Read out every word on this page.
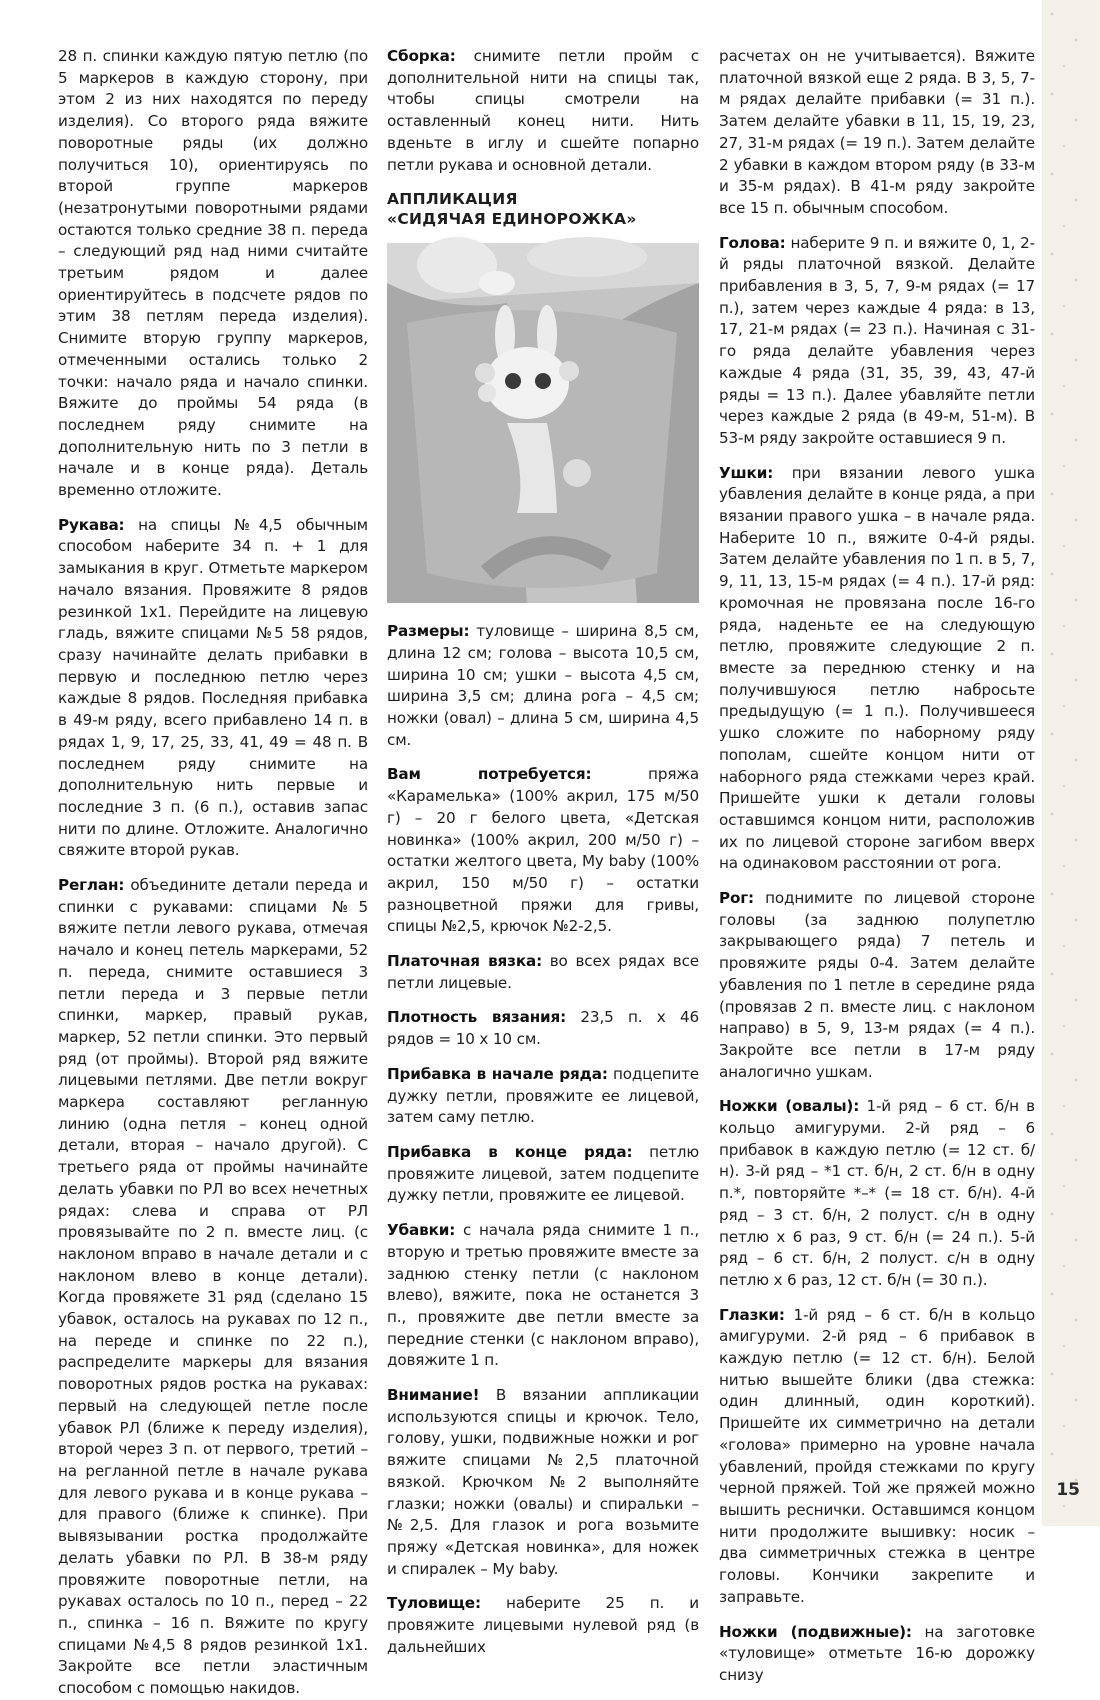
28 п. спинки каждую пятую петлю (по 5 маркеров в каждую сторону, при этом 2 из них находятся по переду изделия). Со второго ряда вяжите поворотные ряды (их должно получиться 10), ориентируясь по второй группе маркеров (незатронутыми поворотными рядами остаются только средние 38 п. переда – следующий ряд над ними считайте третьим рядом и далее ориентируйтесь в подсчете рядов по этим 38 петлям переда изделия). Снимите вторую группу маркеров, отмеченными остались только 2 точки: начало ряда и начало спинки. Вяжите до проймы 54 ряда (в последнем ряду снимите на дополнительную нить по 3 петли в начале и в конце ряда). Деталь временно отложите.

Рукава: на спицы №4,5 обычным способом наберите 34 п. + 1 для замыкания в круг. Отметьте маркером начало вязания. Провяжите 8 рядов резинкой 1х1. Перейдите на лицевую гладь, вяжите спицами №5 58 рядов, сразу начинайте делать прибавки в первую и последнюю петлю через каждые 8 рядов. Последняя прибавка в 49-м ряду, всего прибавлено 14 п. в рядах 1, 9, 17, 25, 33, 41, 49 = 48 п. В последнем ряду снимите на дополнительную нить первые и последние 3 п. (6 п.), оставив запас нити по длине. Отложите. Аналогично свяжите второй рукав.

Реглан: объедините детали переда и спинки с рукавами: спицами №5 вяжите петли левого рукава, отмечая начало и конец петель маркерами, 52 п. переда, снимите оставшиеся 3 петли переда и 3 первые петли спинки, маркер, правый рукав, маркер, 52 петли спинки. Это первый ряд (от проймы). Второй ряд вяжите лицевыми петлями. Две петли вокруг маркера составляют регланную линию (одна петля – конец одной детали, вторая – начало другой). С третьего ряда от проймы начинайте делать убавки по РЛ во всех нечетных рядах: слева и справа от РЛ провязывайте по 2 п. вместе лиц. (с наклоном вправо в начале детали и с наклоном влево в конце детали). Когда провяжете 31 ряд (сделано 15 убавок, осталось на рукавах по 12 п., на переде и спинке по 22 п.), распределите маркеры для вязания поворотных рядов ростка на рукавах: первый на следующей петле после убавок РЛ (ближе к переду изделия), второй через 3 п. от первого, третий – на регланной петле в начале рукава для левого рукава и в конце рукава – для правого (ближе к спинке). При вывязывании ростка продолжайте делать убавки по РЛ. В 38-м ряду провяжите поворотные петли, на рукавах осталось по 10 п., перед – 22 п., спинка – 16 п. Вяжите по кругу спицами №4,5 8 рядов резинкой 1х1. Закройте все петли эластичным способом с помощью накидов.

Сборка: снимите петли пройм с дополнительной нити на спицы так, чтобы спицы смотрели на оставленный конец нити. Нить вденьте в иглу и сшейте попарно петли рукава и основной детали.

АППЛИКАЦИЯ
«СИДЯЧАЯ ЕДИНОРОЖКА»

Размеры: туловище – ширина 8,5 см, длина 12 см; голова – высота 10,5 см, ширина 10 см; ушки – высота 4,5 см, ширина 3,5 см; длина рога – 4,5 см; ножки (овал) – длина 5 см, ширина 4,5 см.

Вам потребуется: пряжа «Карамелька» (100% акрил, 175 м/50 г) – 20 г белого цвета, «Детская новинка» (100% акрил, 200 м/50 г) – остатки желтого цвета, My baby (100% акрил, 150 м/50 г) – остатки разноцветной пряжи для гривы, спицы №2,5, крючок №2-2,5.

Платочная вязка: во всех рядах все петли лицевые.

Плотность вязания: 23,5 п. х 46 рядов = 10 х 10 см.

Прибавка в начале ряда: подцепите дужку петли, провяжите ее лицевой, затем саму петлю.

Прибавка в конце ряда: петлю провяжите лицевой, затем подцепите дужку петли, провяжите ее лицевой.

Убавки: с начала ряда снимите 1 п., вторую и третью провяжите вместе за заднюю стенку петли (с наклоном влево), вяжите, пока не останется 3 п., провяжите две петли вместе за передние стенки (с наклоном вправо), довяжите 1 п.

Внимание! В вязании аппликации используются спицы и крючок. Тело, голову, ушки, подвижные ножки и рог вяжите спицами №2,5 платочной вязкой. Крючком №2 выполняйте глазки; ножки (овалы) и спиральки – №2,5. Для глазок и рога возьмите пряжу «Детская новинка», для ножек и спиралек – My baby.

Туловище: наберите 25 п. и провяжите лицевыми нулевой ряд (в дальнейших

расчетах он не учитывается). Вяжите платочной вязкой еще 2 ряда. В 3, 5, 7-м рядах делайте прибавки (= 31 п.). Затем делайте убавки в 11, 15, 19, 23, 27, 31-м рядах (= 19 п.). Затем делайте 2 убавки в каждом втором ряду (в 33-м и 35-м рядах). В 41-м ряду закройте все 15 п. обычным способом.

Голова: наберите 9 п. и вяжите 0, 1, 2-й ряды платочной вязкой. Делайте прибавления в 3, 5, 7, 9-м рядах (= 17 п.), затем через каждые 4 ряда: в 13, 17, 21-м рядах (= 23 п.). Начиная с 31-го ряда делайте убавления через каждые 4 ряда (31, 35, 39, 43, 47-й ряды = 13 п.). Далее убавляйте петли через каждые 2 ряда (в 49-м, 51-м). В 53-м ряду закройте оставшиеся 9 п.

Ушки: при вязании левого ушка убавления делайте в конце ряда, а при вязании правого ушка – в начале ряда. Наберите 10 п., вяжите 0-4-й ряды. Затем делайте убавления по 1 п. в 5, 7, 9, 11, 13, 15-м рядах (= 4 п.). 17-й ряд: кромочная не провязана после 16-го ряда, наденьте ее на следующую петлю, провяжите следующие 2 п. вместе за переднюю стенку и на получившуюся петлю набросьте предыдущую (= 1 п.). Получившееся ушко сложите по наборному ряду пополам, сшейте концом нити от наборного ряда стежками через край. Пришейте ушки к детали головы оставшимся концом нити, расположив их по лицевой стороне загибом вверх на одинаковом расстоянии от рога.

Рог: поднимите по лицевой стороне головы (за заднюю полупетлю закрывающего ряда) 7 петель и провяжите ряды 0-4. Затем делайте убавления по 1 петле в середине ряда (провязав 2 п. вместе лиц. с наклоном направо) в 5, 9, 13-м рядах (= 4 п.). Закройте все петли в 17-м ряду аналогично ушкам.

Ножки (овалы): 1-й ряд – 6 ст. б/н в кольцо амигуруми. 2-й ряд – 6 прибавок в каждую петлю (= 12 ст. б/н). 3-й ряд – *1 ст. б/н, 2 ст. б/н в одну п.*, повторяйте *–* (= 18 ст. б/н). 4-й ряд – 3 ст. б/н, 2 полуст. с/н в одну петлю х 6 раз, 9 ст. б/н (= 24 п.). 5-й ряд – 6 ст. б/н, 2 полуст. с/н в одну петлю х 6 раз, 12 ст. б/н (= 30 п.).

Глазки: 1-й ряд – 6 ст. б/н в кольцо амигуруми. 2-й ряд – 6 прибавок в каждую петлю (= 12 ст. б/н). Белой нитью вышейте блики (два стежка: один длинный, один короткий). Пришейте их симметрично на детали «голова» примерно на уровне начала убавлений, пройдя стежками по кругу черной пряжей. Той же пряжей можно вышить реснички. Оставшимся концом нити продолжите вышивку: носик – два симметричных стежка в центре головы. Кончики закрепите и заправьте.

Ножки (подвижные): на заготовке «туловище» отметьте 16-ю дорожку снизу

15
